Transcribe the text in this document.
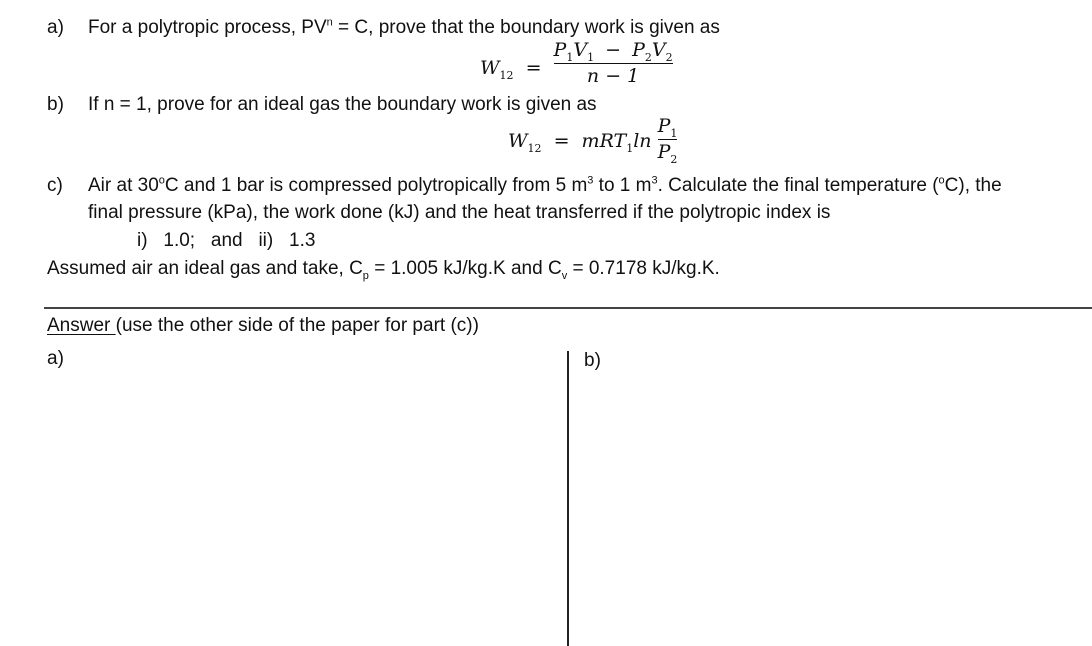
a) For a polytropic process, $PV^n = C$, prove that the boundary work is given as
$W_{12} = \frac{P_1V_1 - P_2V_2}{n - 1}$
b) If n = 1, prove for an ideal gas the boundary work is given as
$W_{12} = mRT_1\ln \frac{P_1}{P_2}$
c) Air at 30$^o$C and 1 bar is compressed polytropically from 5 $m^3$ to 1 $m^3$. Calculate the final temperature ($^o$C), the
final pressure (kPa), the work done (kJ) and the heat transferred if the polytropic index is
i)   1.0;   and   ii)   1.3
Assumed air an ideal gas and take, $C_p = 1.005$ kJ/kg.K and $C_v = 0.7178$ kJ/kg.K.
Answer (use the other side of the paper for part (c))
a)	b)
